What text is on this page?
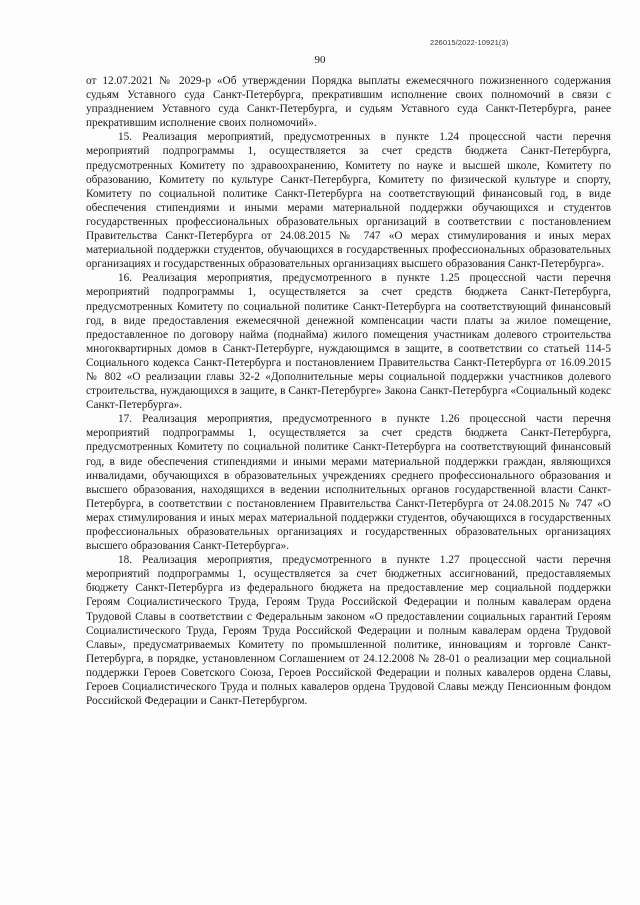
226015/2022-10921(3)
90

от 12.07.2021 № 2029-р «Об утверждении Порядка выплаты ежемесячного пожизненного содержания судьям Уставного суда Санкт-Петербурга, прекратившим исполнение своих полномочий в связи с упразднением Уставного суда Санкт-Петербурга, и судьям Уставного суда Санкт-Петербурга, ранее прекратившим исполнение своих полномочий».

15. Реализация мероприятий, предусмотренных в пункте 1.24 процессной части перечня мероприятий подпрограммы 1, осуществляется за счет средств бюджета Санкт-Петербурга, предусмотренных Комитету по здравоохранению, Комитету по науке и высшей школе, Комитету по образованию, Комитету по культуре Санкт-Петербурга, Комитету по физической культуре и спорту, Комитету по социальной политике Санкт-Петербурга на соответствующий финансовый год, в виде обеспечения стипендиями и иными мерами материальной поддержки обучающихся и студентов государственных профессиональных образовательных организаций в соответствии с постановлением Правительства Санкт-Петербурга от 24.08.2015 № 747 «О мерах стимулирования и иных мерах материальной поддержки студентов, обучающихся в государственных профессиональных образовательных организациях и государственных образовательных организациях высшего образования Санкт-Петербурга».

16. Реализация мероприятия, предусмотренного в пункте 1.25 процессной части перечня мероприятий подпрограммы 1, осуществляется за счет средств бюджета Санкт-Петербурга, предусмотренных Комитету по социальной политике Санкт-Петербурга на соответствующий финансовый год, в виде предоставления ежемесячной денежной компенсации части платы за жилое помещение, предоставленное по договору найма (поднайма) жилого помещения участникам долевого строительства многоквартирных домов в Санкт-Петербурге, нуждающимся в защите, в соответствии со статьей 114-5 Социального кодекса Санкт-Петербурга и постановлением Правительства Санкт-Петербурга от 16.09.2015 № 802 «О реализации главы 32-2 «Дополнительные меры социальной поддержки участников долевого строительства, нуждающихся в защите, в Санкт-Петербурге» Закона Санкт-Петербурга «Социальный кодекс Санкт-Петербурга».

17. Реализация мероприятия, предусмотренного в пункте 1.26 процессной части перечня мероприятий подпрограммы 1, осуществляется за счет средств бюджета Санкт-Петербурга, предусмотренных Комитету по социальной политике Санкт-Петербурга на соответствующий финансовый год, в виде обеспечения стипендиями и иными мерами материальной поддержки граждан, являющихся инвалидами, обучающихся в образовательных учреждениях среднего профессионального образования и высшего образования, находящихся в ведении исполнительных органов государственной власти Санкт-Петербурга, в соответствии с постановлением Правительства Санкт-Петербурга от 24.08.2015 № 747 «О мерах стимулирования и иных мерах материальной поддержки студентов, обучающихся в государственных профессиональных образовательных организациях и государственных образовательных организациях высшего образования Санкт-Петербурга».

18. Реализация мероприятия, предусмотренного в пункте 1.27 процессной части перечня мероприятий подпрограммы 1, осуществляется за счет бюджетных ассигнований, предоставляемых бюджету Санкт-Петербурга из федерального бюджета на предоставление мер социальной поддержки Героям Социалистического Труда, Героям Труда Российской Федерации и полным кавалерам ордена Трудовой Славы в соответствии с Федеральным законом «О предоставлении социальных гарантий Героям Социалистического Труда, Героям Труда Российской Федерации и полным кавалерам ордена Трудовой Славы», предусматриваемых Комитету по промышленной политике, инновациям и торговле Санкт-Петербурга, в порядке, установленном Соглашением от 24.12.2008 № 28-01 о реализации мер социальной поддержки Героев Советского Союза, Героев Российской Федерации и полных кавалеров ордена Славы, Героев Социалистического Труда и полных кавалеров ордена Трудовой Славы между Пенсионным фондом Российской Федерации и Санкт-Петербургом.
